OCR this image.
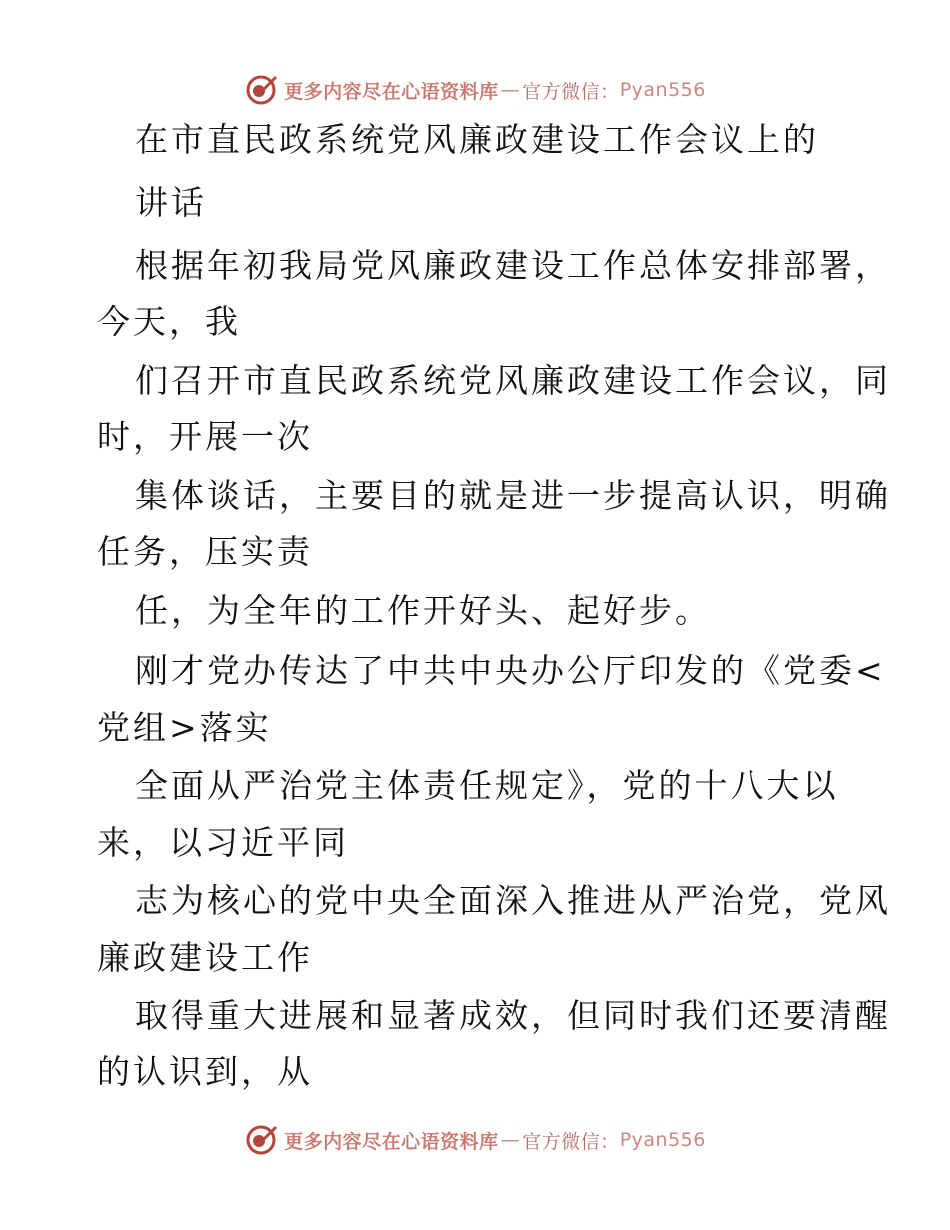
更多内容尽在心语资料库 — 官方微信： Pyan556
在市直民政系统党风廉政建设工作会议上的
讲话
根据年初我局党风廉政建设工作总体安排部署，
今天，我
们召开市直民政系统党风廉政建设工作会议，同
时，开展一次
集体谈话，主要目的就是进一步提高认识，明确
任务，压实责
任，为全年的工作开好头、起好步。
刚才党办传达了中共中央办公厅印发的《党委<
党组>落实
全面从严治党主体责任规定》，党的十八大以
来，以习近平同
志为核心的党中央全面深入推进从严治党，党风
廉政建设工作
取得重大进展和显著成效，但同时我们还要清醒
的认识到，从
更多内容尽在心语资料库 — 官方微信： Pyan556
